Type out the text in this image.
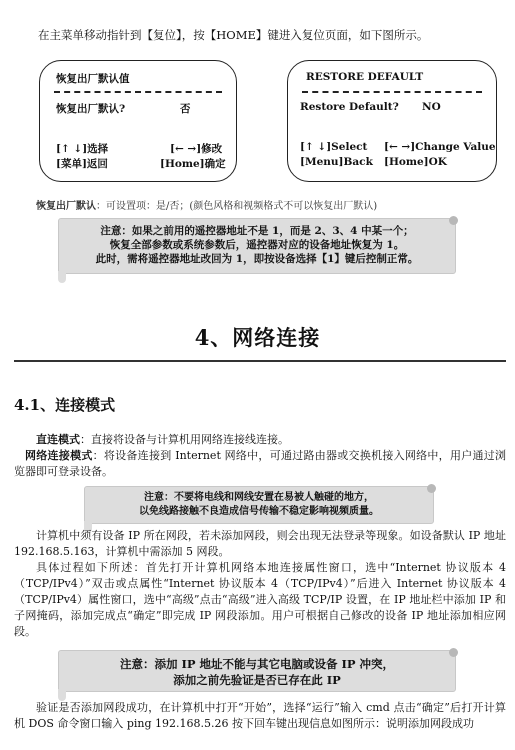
在主菜单移动指针到【复位】，按【HOME】键进入复位页面，如下图所示。
恢复出厂默认值
恢复出厂默认?	否
[↑ ↓]选择	[← →]修改
[菜单]返回	[Home]确定
RESTORE DEFAULT
Restore Default? NO
[↑ ↓]Select [← →]Change Value
[Menu]Back [Home]OK
恢复出厂默认：可设置项：是/否；(颜色风格和视频格式不可以恢复出厂默认)

注意：如果之前用的遥控器地址不是 1，而是 2、3、4 中某一个；

恢复全部参数或系统参数后，遥控器对应的设备地址恢复为 1。

此时，需将遥控器地址改回为 1，即按设备选择【1】键后控制正常。

4、网络连接
4.1、连接模式

直连模式：直接将设备与计算机用网络连接线连接。

网络连接模式：将设备连接到 Internet 网络中，可通过路由器或交换机接入网络中，用户通过浏览器即可登录设备。

注意：不要将电线和网线安置在易被人触碰的地方，

以免线路接触不良造成信号传输不稳定影响视频质量。

计算机中须有设备 IP 所在网段，若未添加网段，则会出现无法登录等现象。如设备默认 IP 地址 192.168.5.163，计算机中需添加 5 网段。

具体过程如下所述：首先打开计算机网络本地连接属性窗口，选中“Internet 协议版本 4（TCP/IPv4）”双击或点属性“Internet 协议版本 4（TCP/IPv4）”后进入 Internet 协议版本 4（TCP/IPv4）属性窗口，选中“高级”点击“高级”进入高级 TCP/IP 设置，在 IP 地址栏中添加 IP 和子网掩码，添加完成点“确定”即完成 IP 网段添加。用户可根据自己修改的设备 IP 地址添加相应网段。

注意：添加 IP 地址不能与其它电脑或设备 IP 冲突，

添加之前先验证是否已存在此 IP

验证是否添加网段成功，在计算机中打开“开始”，选择“运行”输入 cmd 点击“确定”后打开计算机 DOS 命令窗口输入 ping 192.168.5.26 按下回车键出现信息如图所示：说明添加网段成功
